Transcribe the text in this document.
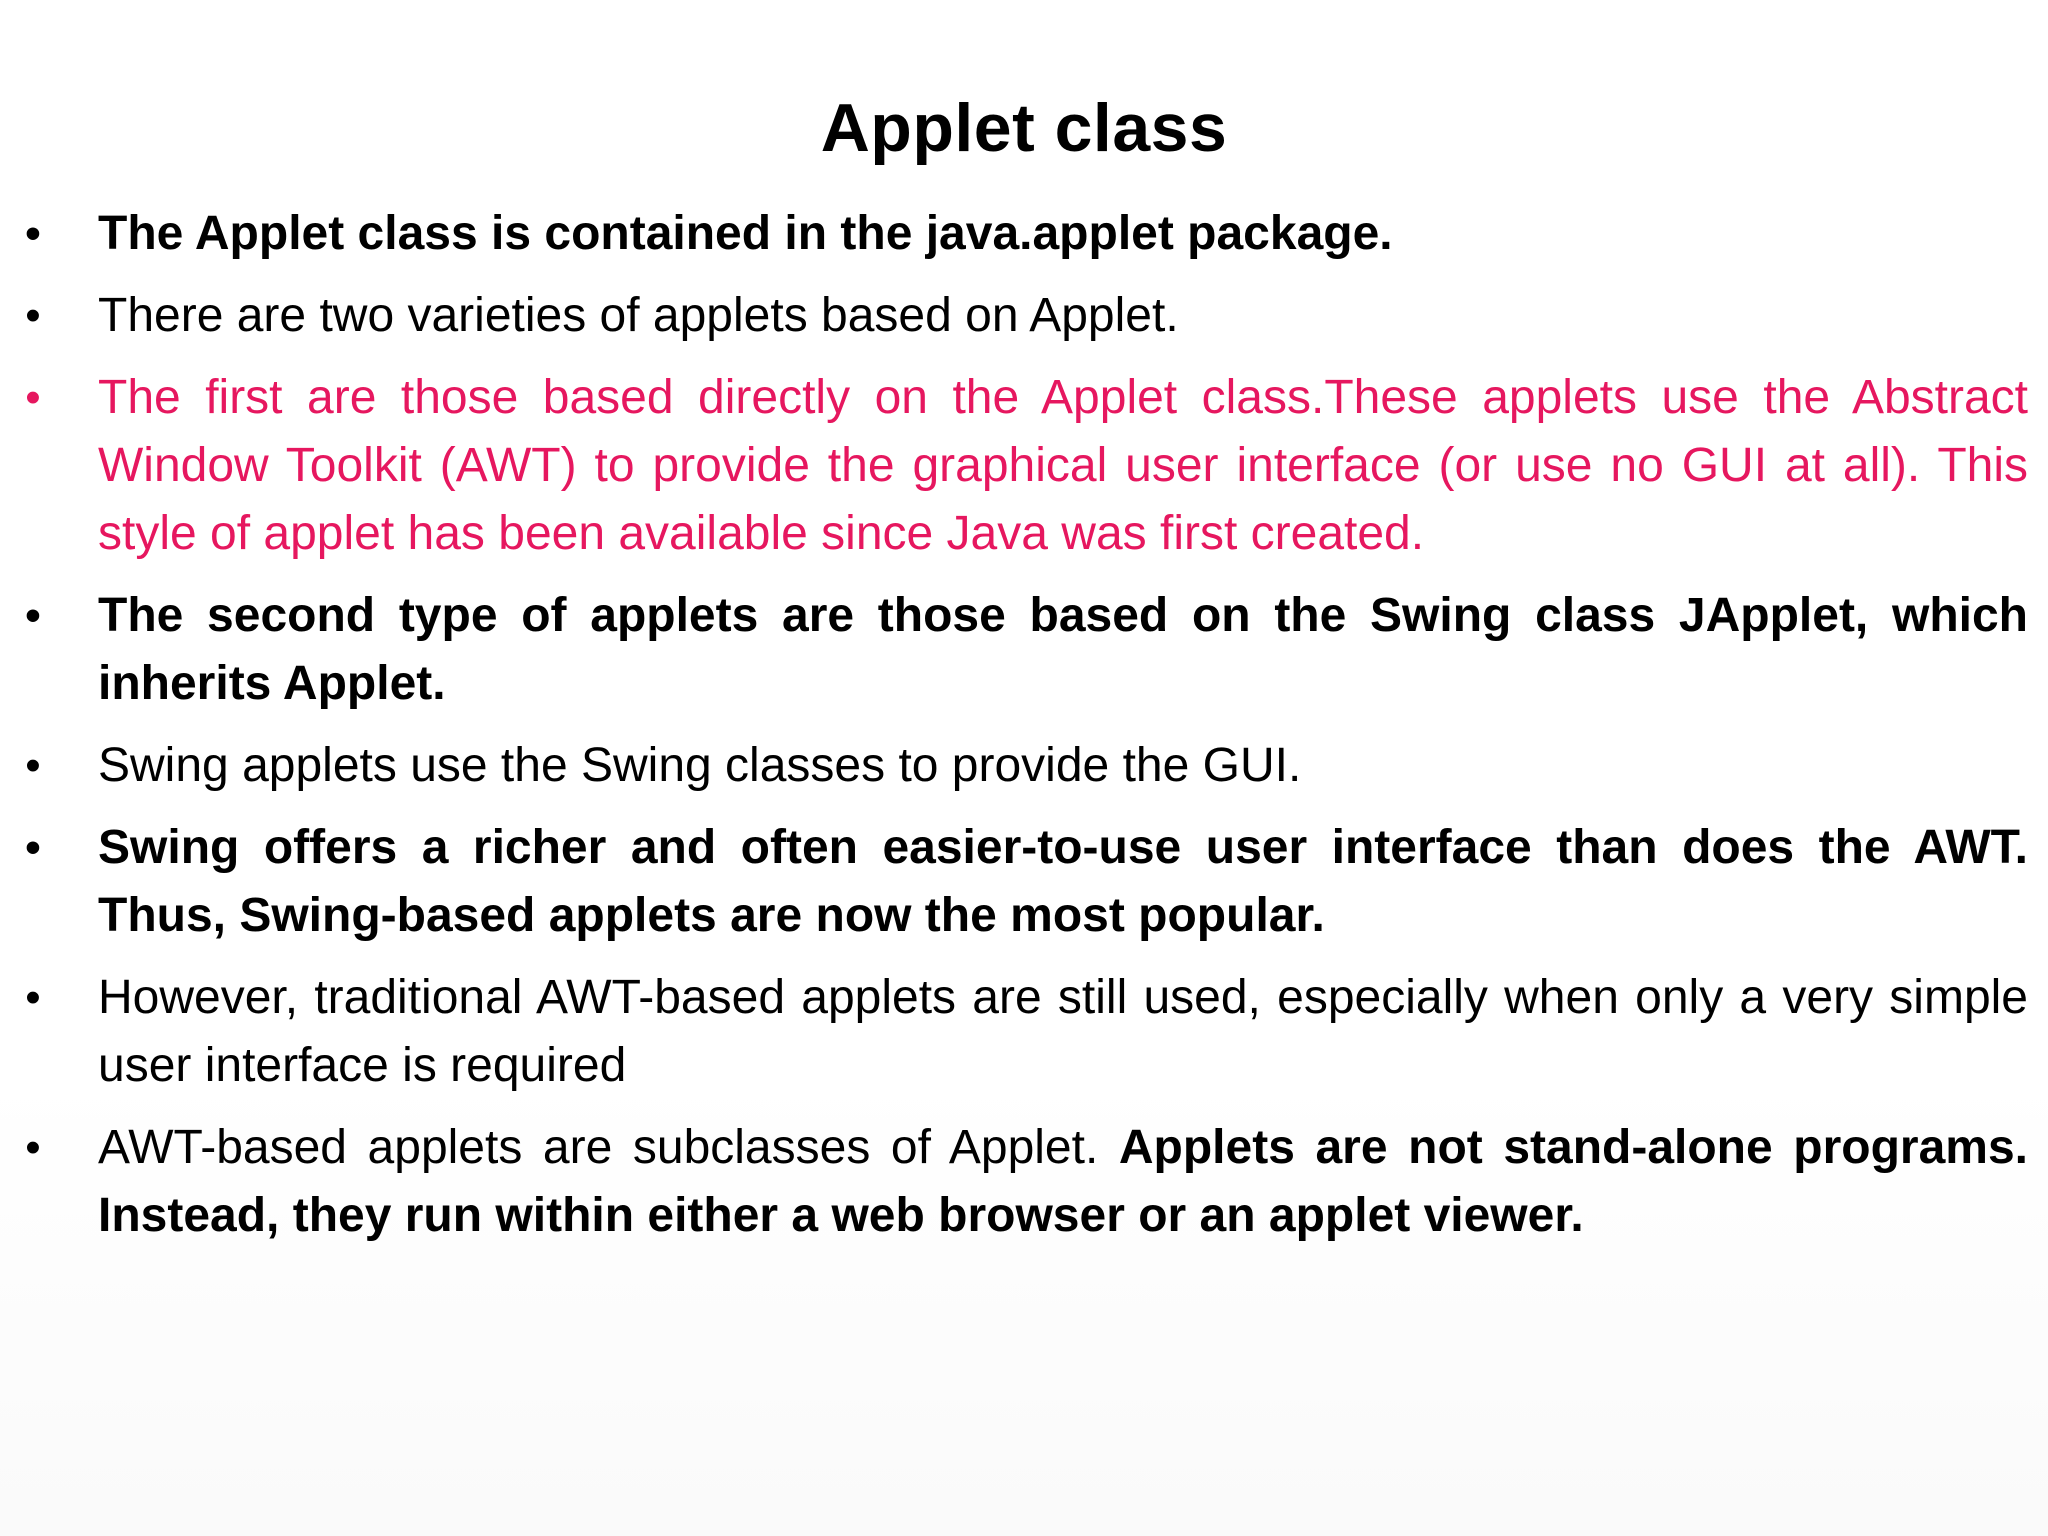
Applet class
• The Applet class is contained in the java.applet package.
• There are two varieties of applets based on Applet.
• The first are those based directly on the Applet class.These applets use the Abstract Window Toolkit (AWT) to provide the graphical user interface (or use no GUI at all). This style of applet has been available since Java was first created.
• The second type of applets are those based on the Swing class JApplet, which inherits Applet.
• Swing applets use the Swing classes to provide the GUI.
• Swing offers a richer and often easier-to-use user interface than does the AWT. Thus, Swing-based applets are now the most popular.
• However, traditional AWT-based applets are still used, especially when only a very simple user interface is required
• AWT-based applets are subclasses of Applet. Applets are not stand-alone programs. Instead, they run within either a web browser or an applet viewer.
